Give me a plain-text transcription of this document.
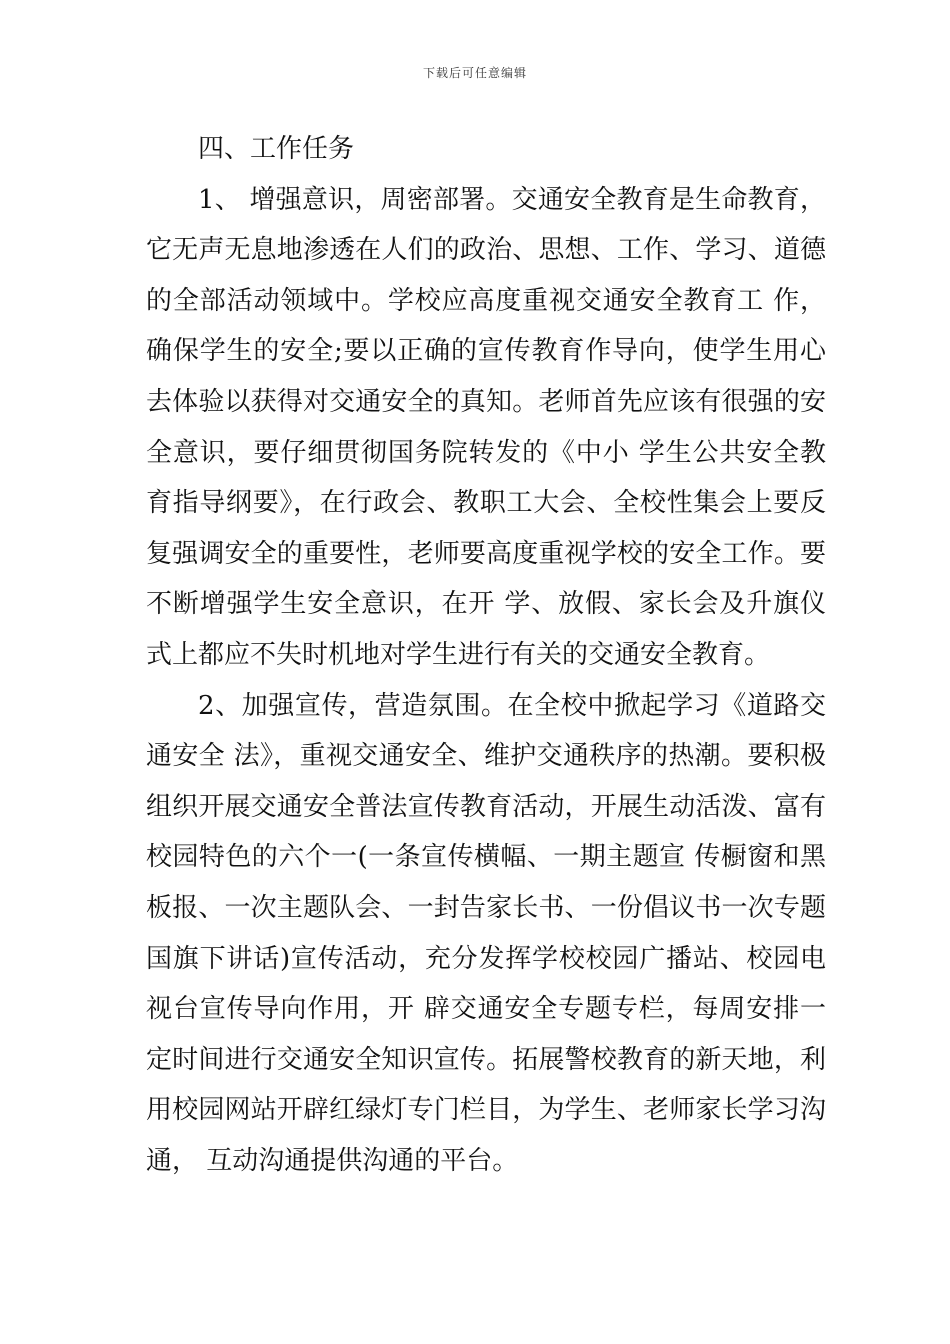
下载后可任意编辑
四、工作任务

1、 增强意识，周密部署。交通安全教育是生命教育，它无声无息地渗透在人们的政治、思想、工作、学习、道德的全部活动领域中。学校应高度重视交通安全教育工 作，确保学生的安全;要以正确的宣传教育作导向，使学生用心去体验以获得对交通安全的真知。老师首先应该有很强的安全意识，要仔细贯彻国务院转发的《中小 学生公共安全教育指导纲要》，在行政会、教职工大会、全校性集会上要反复强调安全的重要性，老师要高度重视学校的安全工作。要不断增强学生安全意识，在开 学、放假、家长会及升旗仪式上都应不失时机地对学生进行有关的交通安全教育。

2、加强宣传，营造氛围。在全校中掀起学习《道路交通安全 法》，重视交通安全、维护交通秩序的热潮。要积极组织开展交通安全普法宣传教育活动，开展生动活泼、富有校园特色的六个一(一条宣传横幅、一期主题宣 传橱窗和黑板报、一次主题队会、一封告家长书、一份倡议书一次专题国旗下讲话)宣传活动，充分发挥学校校园广播站、校园电视台宣传导向作用，开 辟交通安全专题专栏，每周安排一定时间进行交通安全知识宣传。拓展警校教育的新天地，利用校园网站开辟红绿灯专门栏目，为学生、老师家长学习沟通， 互动沟通提供沟通的平台。
